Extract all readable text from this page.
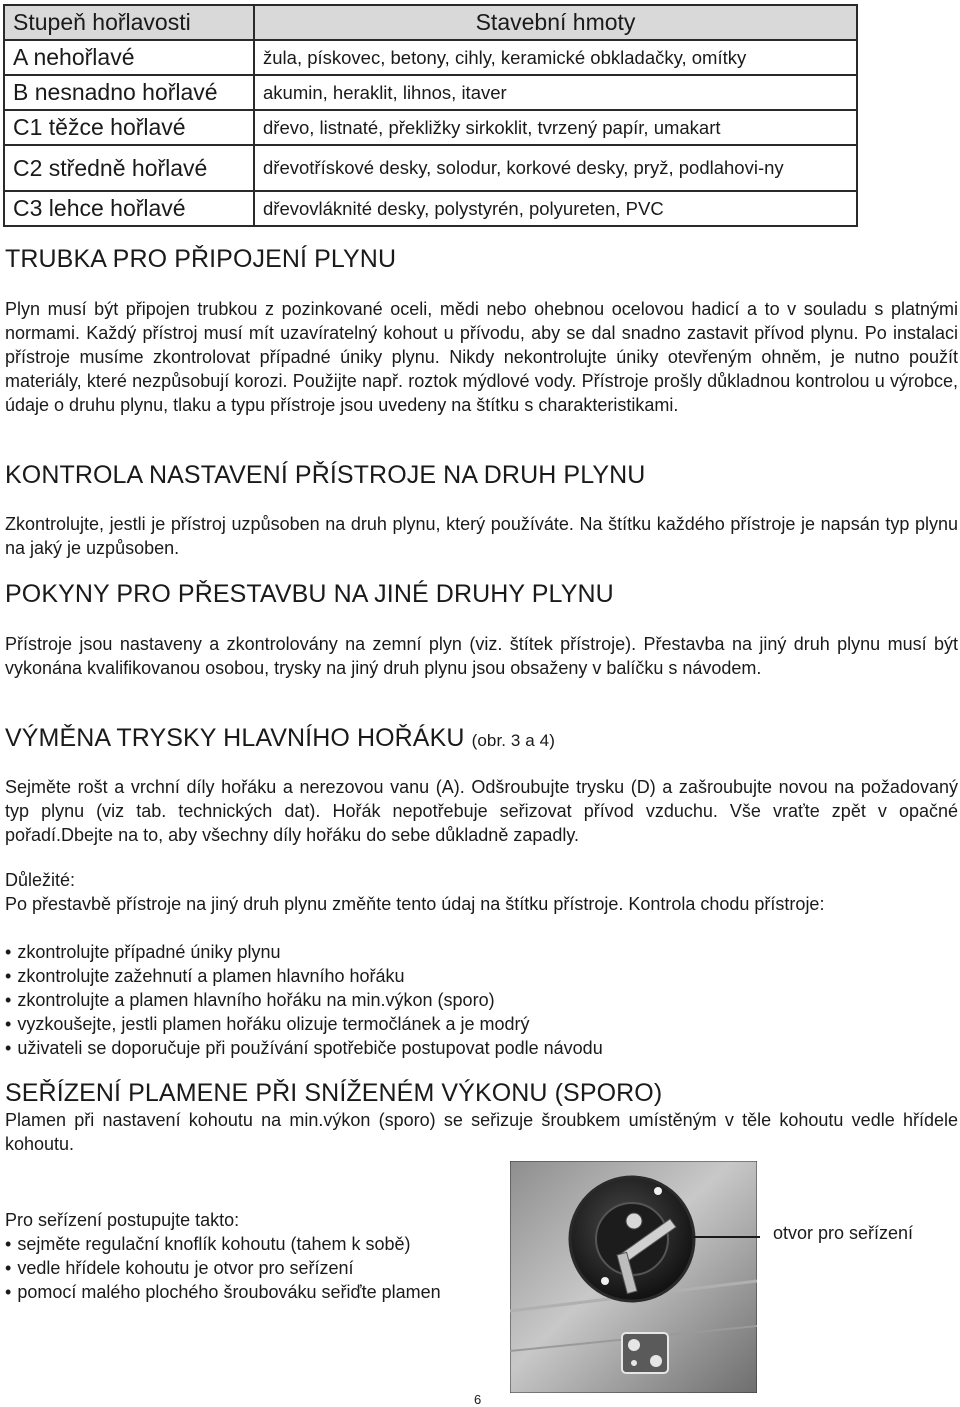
Stupeň hořlavosti	Stavební hmoty
A nehořlavé	žula, pískovec, betony, cihly, keramické obkladačky, omítky
B nesnadno hořlavé	akumin, heraklit, lihnos, itaver
C1 těžce hořlavé	dřevo, listnaté, překližky sirkoklit, tvrzený papír, umakart
C2 středně hořlavé	dřevotřískové desky, solodur, korkové desky, pryž, podlahovi-ny
C3 lehce hořlavé	dřevovláknité desky, polystyrén, polyureten, PVC
TRUBKA PRO PŘIPOJENÍ PLYNU

Plyn musí být připojen trubkou z pozinkované oceli, mědi nebo ohebnou ocelovou hadicí a to v souladu s platnými normami. Každý přístroj musí mít uzavíratelný kohout u přívodu, aby se dal snadno zastavit přívod plynu. Po instalaci přístroje musíme zkontrolovat případné úniky plynu. Nikdy nekontrolujte úniky otevřeným ohněm, je nutno použít materiály, které nezpůsobují korozi. Použijte např. roztok mýdlové vody. Přístroje prošly důkladnou kontrolou u výrobce, údaje o druhu plynu, tlaku a typu přístroje jsou uvedeny na štítku s charakteristikami.

KONTROLA NASTAVENÍ PŘÍSTROJE NA DRUH PLYNU

Zkontrolujte, jestli je přístroj uzpůsoben na druh plynu, který používáte. Na štítku každého přístroje je napsán typ plynu na jaký je uzpůsoben.

POKYNY PRO PŘESTAVBU NA JINÉ DRUHY PLYNU

Přístroje jsou nastaveny a zkontrolovány na zemní plyn (viz. štítek přístroje). Přestavba na jiný druh plynu musí být vykonána kvalifikovanou osobou, trysky na jiný druh plynu jsou obsaženy v balíčku s návodem.

VÝMĚNA TRYSKY HLAVNÍHO HOŘÁKU (obr. 3 a 4)

Sejměte rošt a vrchní díly hořáku a nerezovou vanu (A). Odšroubujte trysku (D) a zašroubujte novou na požadovaný typ plynu (viz tab. technických dat). Hořák nepotřebuje seřizovat přívod vzduchu. Vše vraťte zpět v opačné pořadí.Dbejte na to, aby všechny díly hořáku do sebe důkladně zapadly.

Důležité:

Po přestavbě přístroje na jiný druh plynu změňte tento údaj na štítku přístroje. Kontrola chodu přístroje:

• zkontrolujte případné úniky plynu
• zkontrolujte zažehnutí a plamen hlavního hořáku
• zkontrolujte a plamen hlavního hořáku na min.výkon (sporo)
• vyzkoušejte, jestli plamen hořáku olizuje termočlánek a je modrý
• uživateli se doporučuje při používání spotřebiče postupovat podle návodu
SEŘÍZENÍ PLAMENE PŘI SNÍŽENÉM VÝKONU (SPORO)

Plamen při nastavení kohoutu na min.výkon (sporo) se seřizuje šroubkem umístěným v těle kohoutu vedle hřídele kohoutu.

Pro seřízení postupujte takto:
• sejměte regulační knoflík kohoutu (tahem k sobě)
• vedle hřídele kohoutu je otvor pro seřízení
• pomocí malého plochého šroubováku seřiďte plamen
otvor pro seřízení
6
